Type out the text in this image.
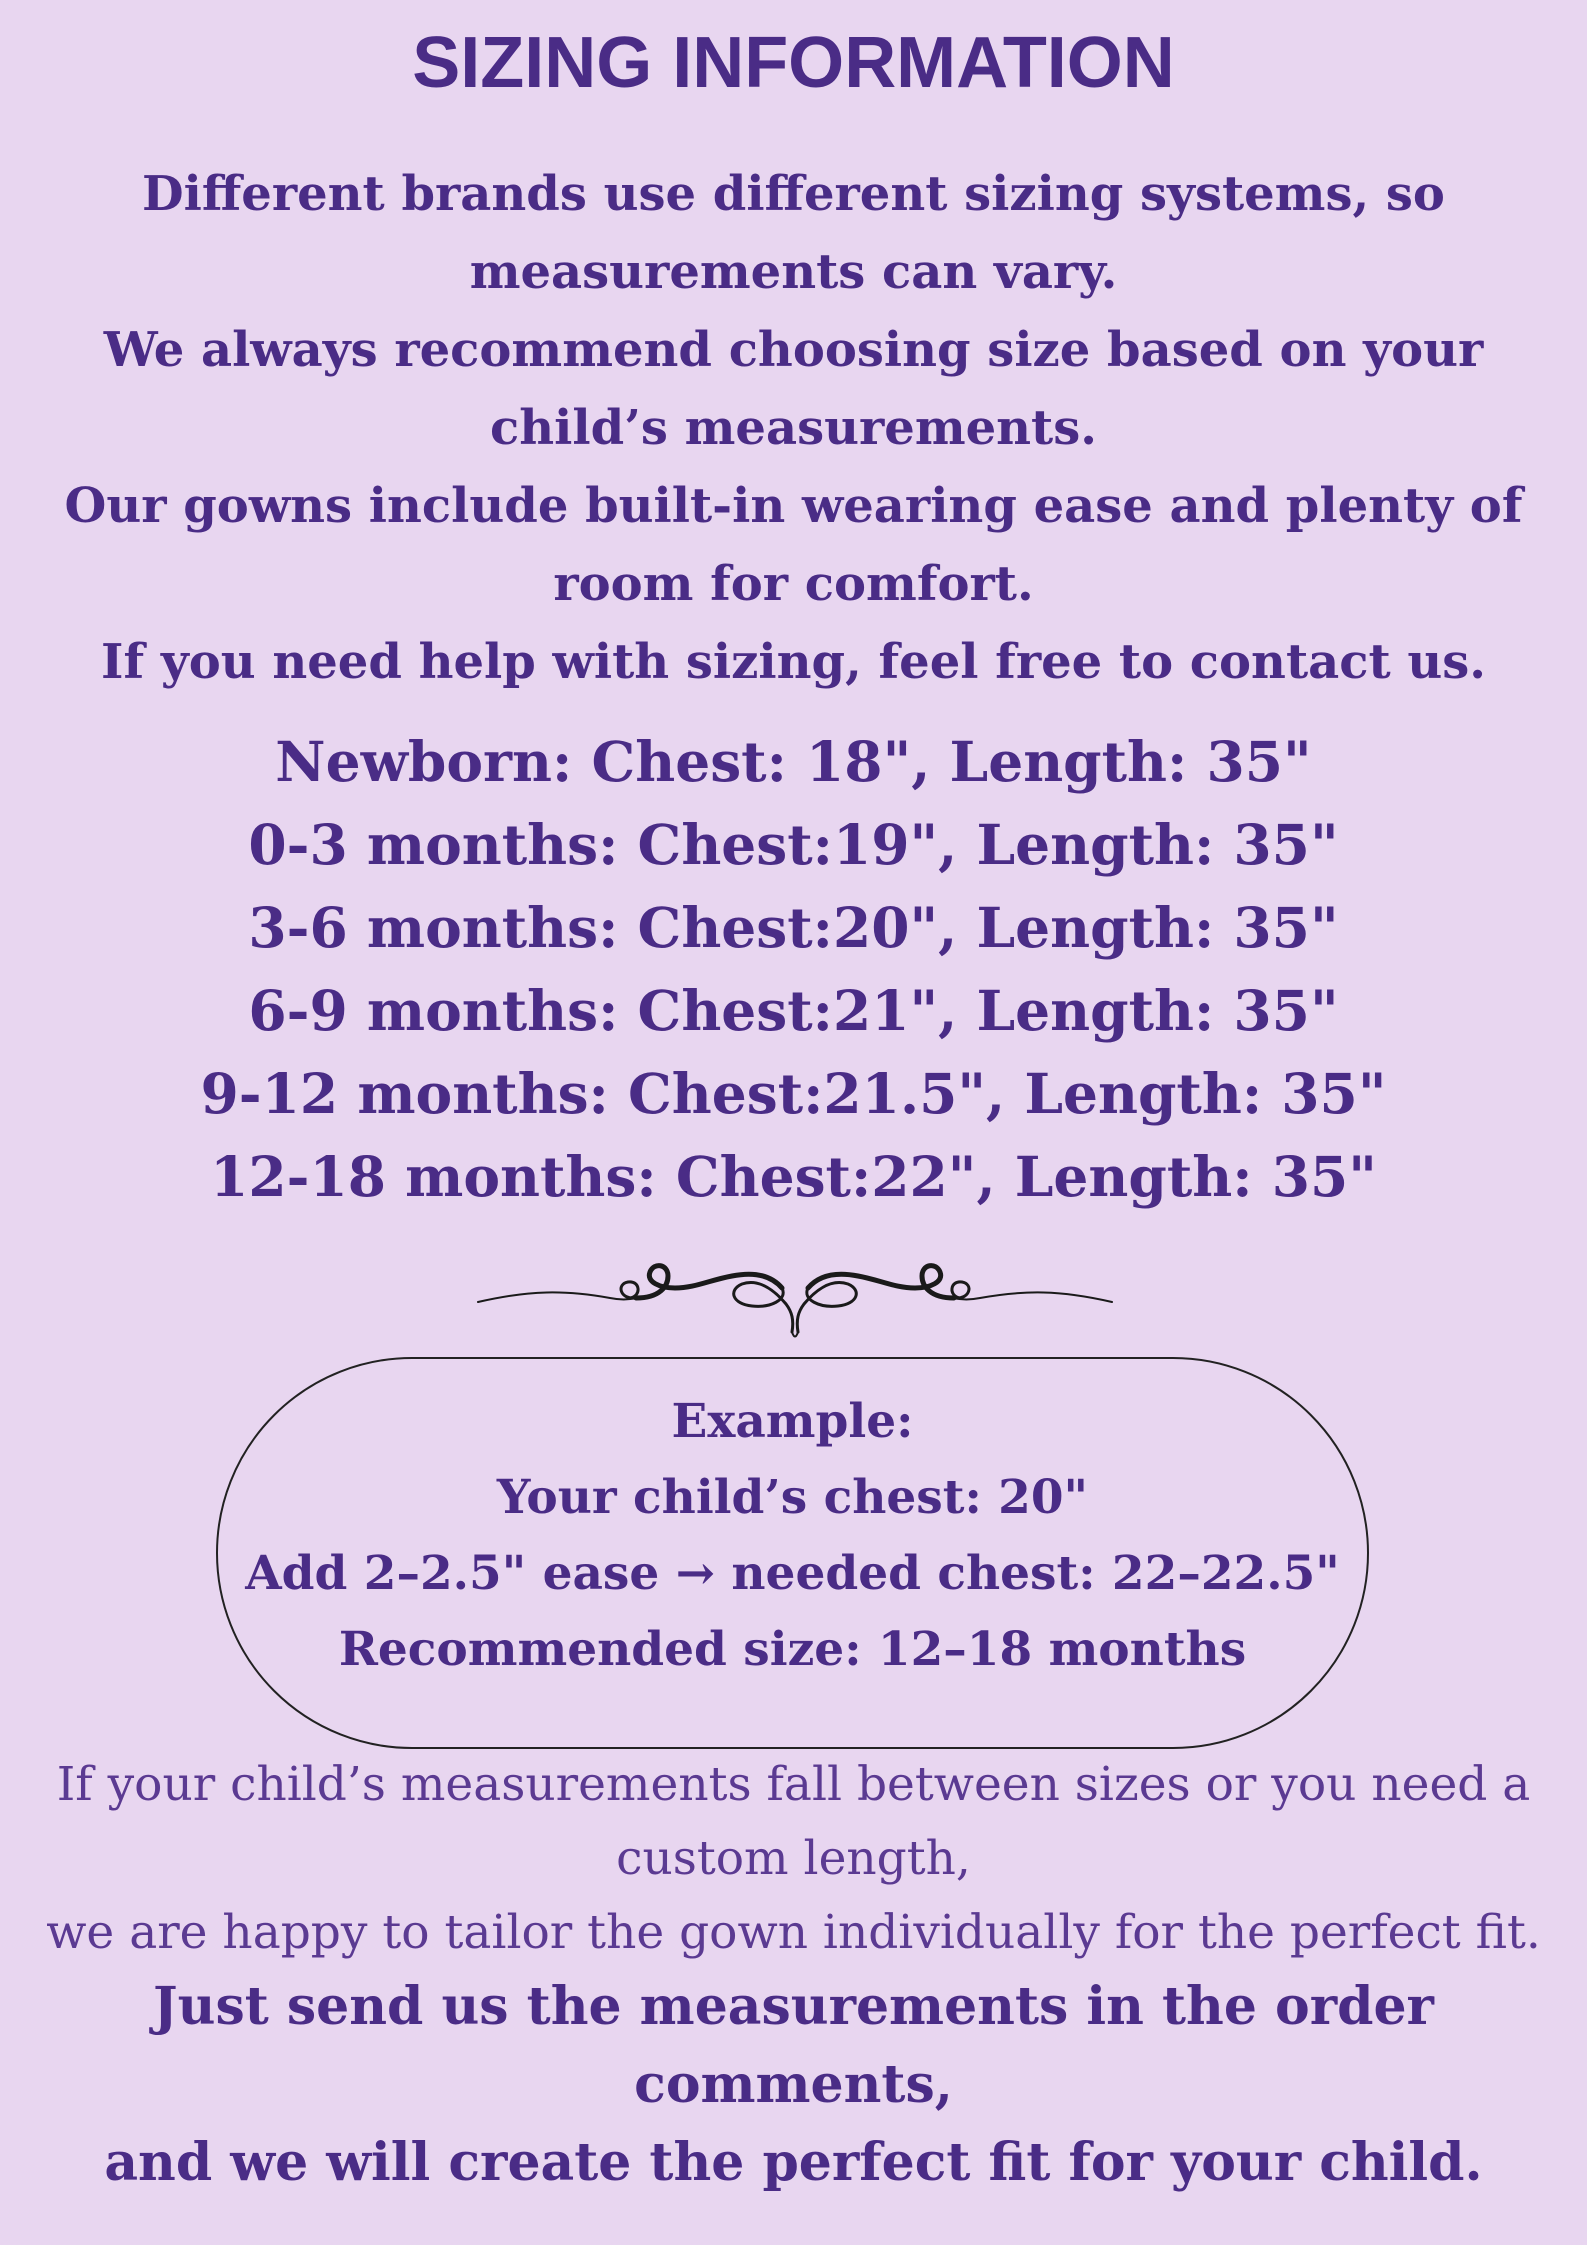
SIZING INFORMATION
Different brands use different sizing systems, so
measurements can vary.
We always recommend choosing size based on your
child’s measurements.
Our gowns include built-in wearing ease and plenty of
room for comfort.
If you need help with sizing, feel free to contact us.
Newborn: Chest: 18", Length: 35"
0-3 months: Chest:19", Length: 35"
3-6 months: Chest:20", Length: 35"
6-9 months: Chest:21", Length: 35"
9-12 months: Chest:21.5", Length: 35"
12-18 months: Chest:22", Length: 35"
Example:
Your child’s chest: 20"
Add 2–2.5" ease → needed chest: 22–22.5"
Recommended size: 12–18 months
If your child’s measurements fall between sizes or you need a
custom length,
we are happy to tailor the gown individually for the perfect fit.
Just send us the measurements in the order comments,
and we will create the perfect fit for your child.
